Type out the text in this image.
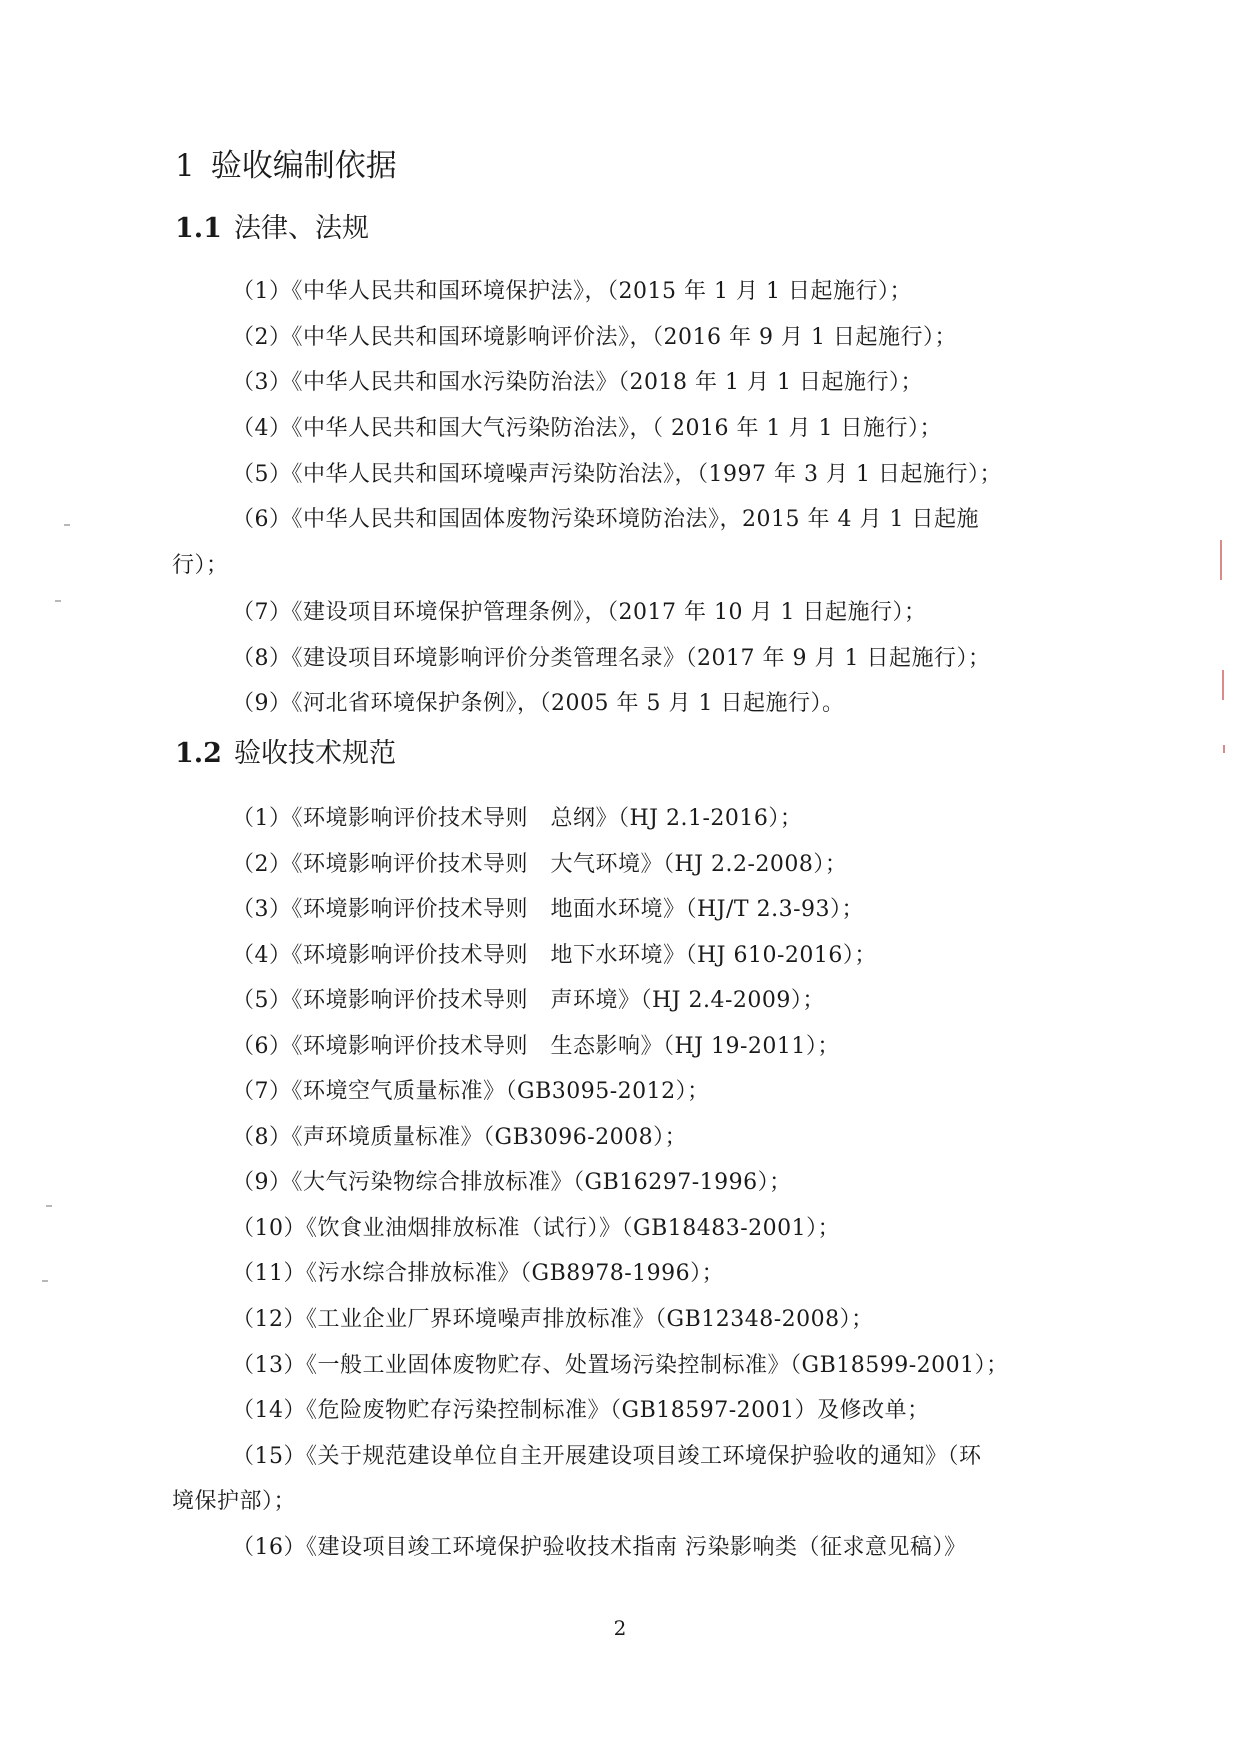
1 验收编制依据
1.1 法律、法规
（1）《中华人民共和国环境保护法》，（2015 年 1 月 1 日起施行）；
（2）《中华人民共和国环境影响评价法》，（2016 年 9 月 1 日起施行）；
（3）《中华人民共和国水污染防治法》（2018 年 1 月 1 日起施行）；
（4）《中华人民共和国大气污染防治法》，（ 2016 年 1 月 1 日施行）；
（5）《中华人民共和国环境噪声污染防治法》，（1997 年 3 月 1 日起施行）；
（6）《中华人民共和国固体废物污染环境防治法》，2015 年 4 月 1 日起施
行）；
（7）《建设项目环境保护管理条例》，（2017 年 10 月 1 日起施行）；
（8）《建设项目环境影响评价分类管理名录》（2017 年 9 月 1 日起施行）；
（9）《河北省环境保护条例》，（2005 年 5 月 1 日起施行）。
1.2 验收技术规范
（1）《环境影响评价技术导则　总纲》（HJ 2.1-2016）；
（2）《环境影响评价技术导则　大气环境》（HJ 2.2-2008）；
（3）《环境影响评价技术导则　地面水环境》（HJ/T 2.3-93）；
（4）《环境影响评价技术导则　地下水环境》（HJ 610-2016）；
（5）《环境影响评价技术导则　声环境》（HJ 2.4-2009）；
（6）《环境影响评价技术导则　生态影响》（HJ 19-2011）；
（7）《环境空气质量标准》（GB3095-2012）；
（8）《声环境质量标准》（GB3096-2008）；
（9）《大气污染物综合排放标准》（GB16297-1996）；
（10）《饮食业油烟排放标准（试行）》（GB18483-2001）；
（11）《污水综合排放标准》（GB8978-1996）；
（12）《工业企业厂界环境噪声排放标准》（GB12348-2008）；
（13）《一般工业固体废物贮存、处置场污染控制标准》（GB18599-2001）；
（14）《危险废物贮存污染控制标准》（GB18597-2001）及修改单；
（15）《关于规范建设单位自主开展建设项目竣工环境保护验收的通知》（环
境保护部）；
（16）《建设项目竣工环境保护验收技术指南 污染影响类（征求意见稿）》
2
